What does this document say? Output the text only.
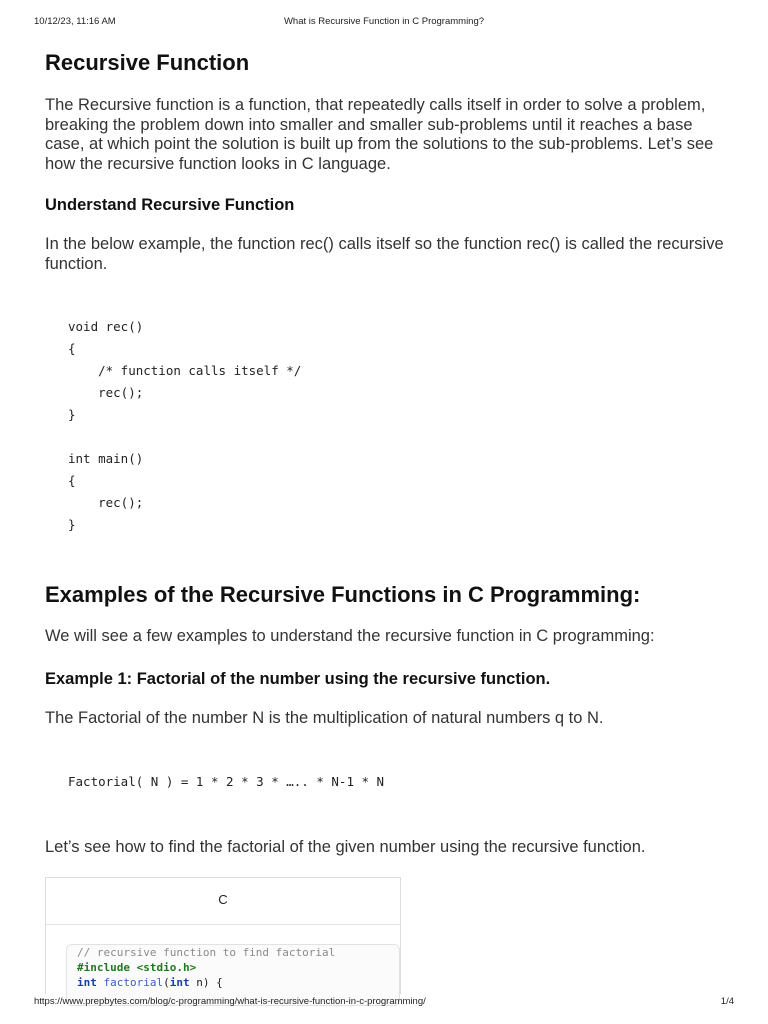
10/12/23, 11:16 AM	What is Recursive Function in C Programming?
Recursive Function

The Recursive function is a function, that repeatedly calls itself in order to solve a problem, breaking the problem down into smaller and smaller sub-problems until it reaches a base case, at which point the solution is built up from the solutions to the sub-problems. Let’s see how the recursive function looks in C language.

Understand Recursive Function

In the below example, the function rec() calls itself so the function rec() is called the recursive function.

Examples of the Recursive Functions in C Programming:

We will see a few examples to understand the recursive function in C programming:

Example 1: Factorial of the number using the recursive function.

The Factorial of the number N is the multiplication of natural numbers q to N.

Let’s see how to find the factorial of the given number using the recursive function.

void rec()
{
/* function calls itself */
rec();
}
int main()
{
rec();
}
Factorial( N ) = 1 * 2 * 3 * ….. * N-1 * N
C
// recursive function to find factorial
#include <stdio.h>
int factorial(int n) {
https://www.prepbytes.com/blog/c-programming/what-is-recursive-function-in-c-programming/	1/4
